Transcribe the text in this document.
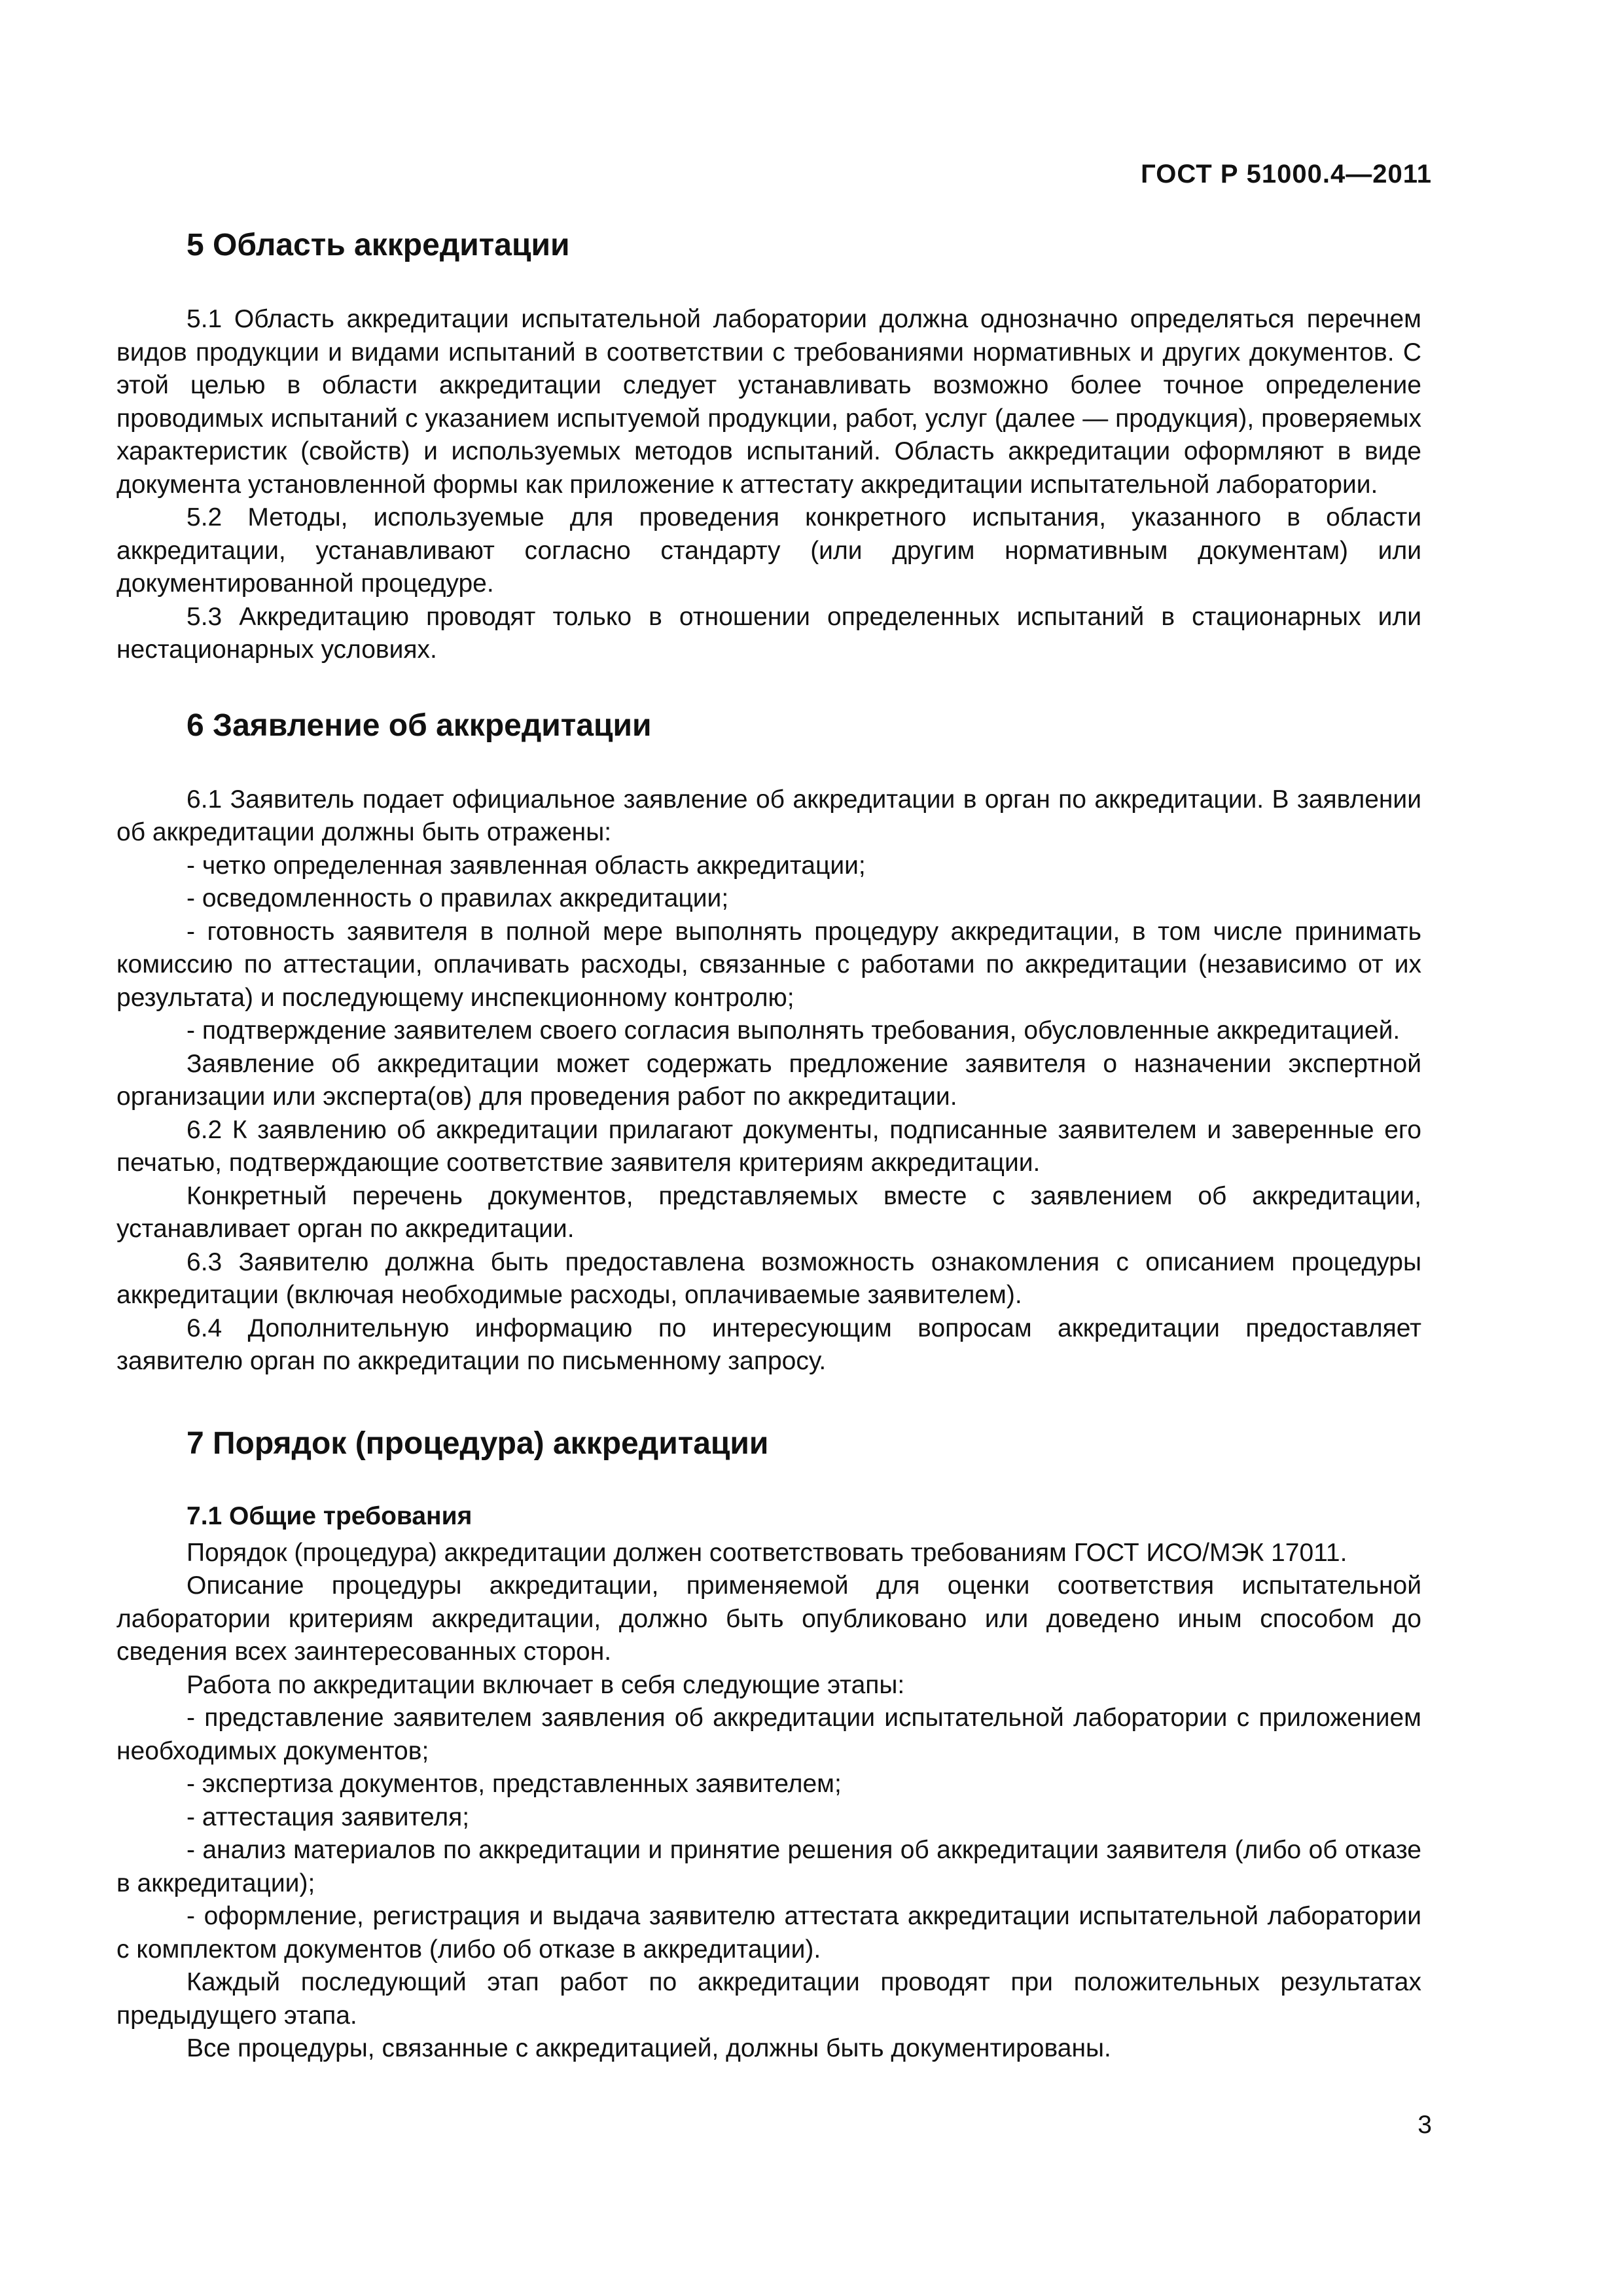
ГОСТ Р 51000.4—2011
5 Область аккредитации

5.1 Область аккредитации испытательной лаборатории должна однозначно определяться перечнем видов продукции и видами испытаний в соответствии с требованиями нормативных и других документов. С этой целью в области аккредитации следует устанавливать возможно более точное определение проводимых испытаний с указанием испытуемой продукции, работ, услуг (далее — продукция), проверяемых характеристик (свойств) и используемых методов испытаний. Область аккредитации оформляют в виде документа установленной формы как приложение к аттестату аккредитации испытательной лаборатории.

5.2 Методы, используемые для проведения конкретного испытания, указанного в области аккредитации, устанавливают согласно стандарту (или другим нормативным документам) или документированной процедуре.

5.3 Аккредитацию проводят только в отношении определенных испытаний в стационарных или нестационарных условиях.

6 Заявление об аккредитации

6.1 Заявитель подает официальное заявление об аккредитации в орган по аккредитации. В заявлении об аккредитации должны быть отражены:

- четко определенная заявленная область аккредитации;

- осведомленность о правилах аккредитации;

- готовность заявителя в полной мере выполнять процедуру аккредитации, в том числе принимать комиссию по аттестации, оплачивать расходы, связанные с работами по аккредитации (независимо от их результата) и последующему инспекционному контролю;

- подтверждение заявителем своего согласия выполнять требования, обусловленные аккредитацией.

Заявление об аккредитации может содержать предложение заявителя о назначении экспертной организации или эксперта(ов) для проведения работ по аккредитации.

6.2 К заявлению об аккредитации прилагают документы, подписанные заявителем и заверенные его печатью, подтверждающие соответствие заявителя критериям аккредитации.

Конкретный перечень документов, представляемых вместе с заявлением об аккредитации, устанавливает орган по аккредитации.

6.3 Заявителю должна быть предоставлена возможность ознакомления с описанием процедуры аккредитации (включая необходимые расходы, оплачиваемые заявителем).

6.4 Дополнительную информацию по интересующим вопросам аккредитации предоставляет заявителю орган по аккредитации по письменному запросу.

7 Порядок (процедура) аккредитации
7.1 Общие требования

Порядок (процедура) аккредитации должен соответствовать требованиям ГОСТ ИСО/МЭК 17011.

Описание процедуры аккредитации, применяемой для оценки соответствия испытательной лаборатории критериям аккредитации, должно быть опубликовано или доведено иным способом до сведения всех заинтересованных сторон.

Работа по аккредитации включает в себя следующие этапы:

- представление заявителем заявления об аккредитации испытательной лаборатории с приложением необходимых документов;

- экспертиза документов, представленных заявителем;

- аттестация заявителя;

- анализ материалов по аккредитации и принятие решения об аккредитации заявителя (либо об отказе в аккредитации);

- оформление, регистрация и выдача заявителю аттестата аккредитации испытательной лаборатории с комплектом документов (либо об отказе в аккредитации).

Каждый последующий этап работ по аккредитации проводят при положительных результатах предыдущего этапа.

Все процедуры, связанные с аккредитацией, должны быть документированы.

3
